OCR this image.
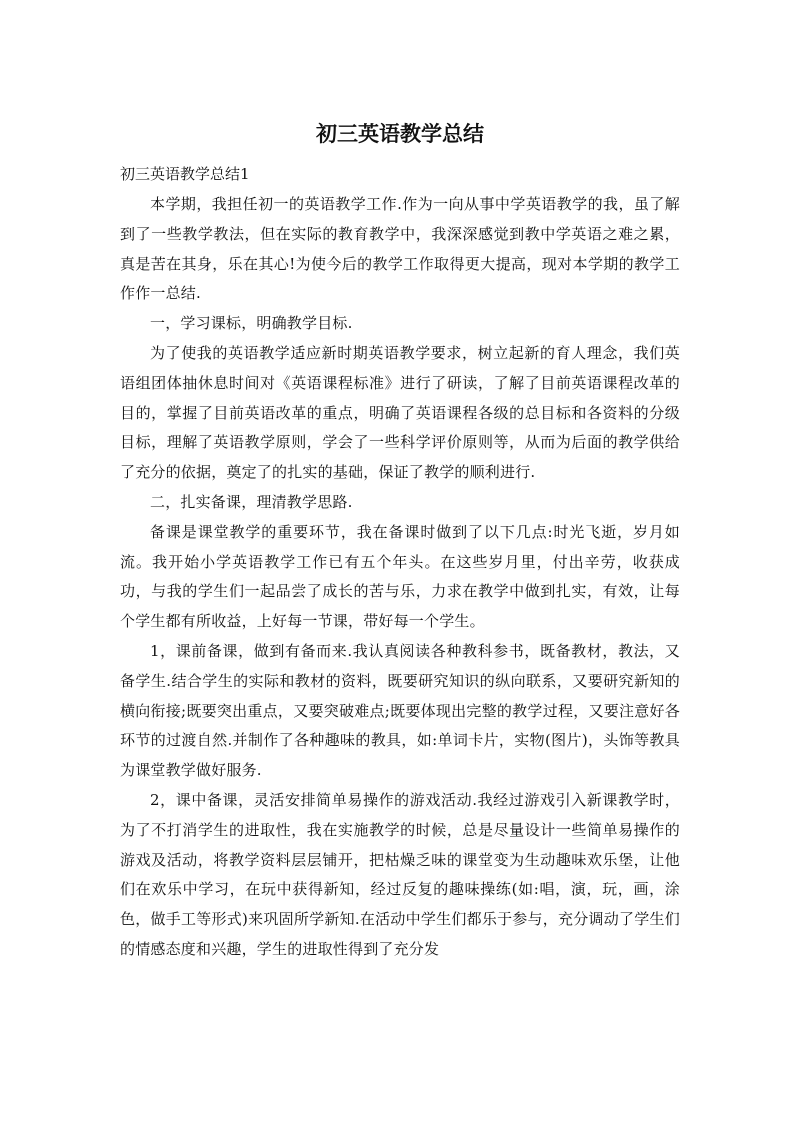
初三英语教学总结

初三英语教学总结1

本学期，我担任初一的英语教学工作.作为一向从事中学英语教学的我，虽了解到了一些教学教法，但在实际的教育教学中，我深深感觉到教中学英语之难之累，真是苦在其身，乐在其心!为使今后的教学工作取得更大提高，现对本学期的教学工作作一总结.

一，学习课标，明确教学目标.

为了使我的英语教学适应新时期英语教学要求，树立起新的育人理念，我们英语组团体抽休息时间对《英语课程标准》进行了研读，了解了目前英语课程改革的目的，掌握了目前英语改革的重点，明确了英语课程各级的总目标和各资料的分级目标，理解了英语教学原则，学会了一些科学评价原则等，从而为后面的教学供给了充分的依据，奠定了的扎实的基础，保证了教学的顺利进行.

二，扎实备课，理清教学思路.

备课是课堂教学的重要环节，我在备课时做到了以下几点:时光飞逝，岁月如流。我开始小学英语教学工作已有五个年头。在这些岁月里，付出辛劳，收获成功，与我的学生们一起品尝了成长的苦与乐，力求在教学中做到扎实，有效，让每个学生都有所收益，上好每一节课，带好每一个学生。

1，课前备课，做到有备而来.我认真阅读各种教科参书，既备教材，教法，又备学生.结合学生的实际和教材的资料，既要研究知识的纵向联系，又要研究新知的横向衔接;既要突出重点，又要突破难点;既要体现出完整的教学过程，又要注意好各环节的过渡自然.并制作了各种趣味的教具，如:单词卡片，实物(图片)，头饰等教具为课堂教学做好服务.

2，课中备课，灵活安排简单易操作的游戏活动.我经过游戏引入新课教学时，为了不打消学生的进取性，我在实施教学的时候，总是尽量设计一些简单易操作的游戏及活动，将教学资料层层铺开，把枯燥乏味的课堂变为生动趣味欢乐堡，让他们在欢乐中学习，在玩中获得新知，经过反复的趣味操练(如:唱，演，玩，画，涂色，做手工等形式)来巩固所学新知.在活动中学生们都乐于参与，充分调动了学生们的情感态度和兴趣，学生的进取性得到了充分发
